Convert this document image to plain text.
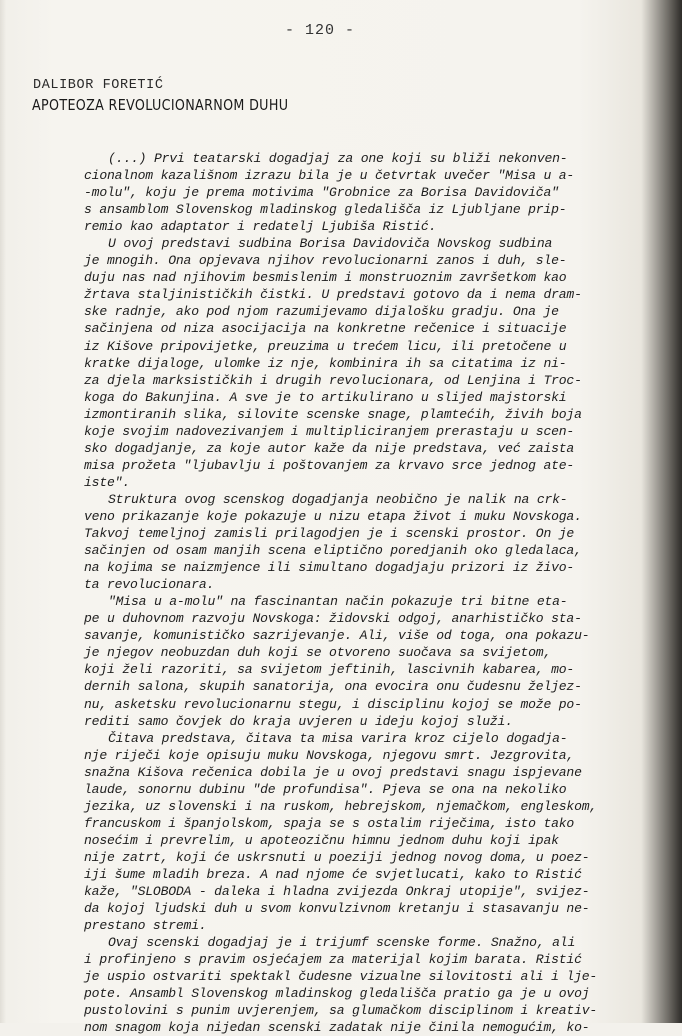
- 120 -
DALIBOR FORETIĆ
APOTEOZA REVOLUCIONARNOM DUHU
(...) Prvi teatarski dogadjaj za one koji su bliži nekonven-
cionalnom kazališnom izrazu bila je u četvrtak uvečer "Misa u a-
-molu", koju je prema motivima "Grobnice za Borisa Davidoviča"
s ansamblom Slovenskog mladinskog gledališča iz Ljubljane prip-
remio kao adaptator i redatelj Ljubiša Ristić.
U ovoj predstavi sudbina Borisa Davidoviča Novskog sudbina
je mnogih. Ona opjevava njihov revolucionarni zanos i duh, sle-
duju nas nad njihovim besmislenim i monstruoznim završetkom kao
žrtava staljinističkih čistki. U predstavi gotovo da i nema dram-
ske radnje, ako pod njom razumijevamo dijalošku gradju. Ona je
sačinjena od niza asocijacija na konkretne rečenice i situacije
iz Kišove pripovijetke, preuzima u trećem licu, ili pretočene u
kratke dijaloge, ulomke iz nje, kombinira ih sa citatima iz ni-
za djela marksističkih i drugih revolucionara, od Lenjina i Troc-
koga do Bakunjina. A sve je to artikulirano u slijed majstorski
izmontiranih slika, silovite scenske snage, plamtećih, živih boja
koje svojim nadovezivanjem i multipliciranjem prerastaju u scen-
sko dogadjanje, za koje autor kaže da nije predstava, već zaista
misa prožeta "ljubavlju i poštovanjem za krvavo srce jednog ate-
iste".
Struktura ovog scenskog dogadjanja neobično je nalik na crk-
veno prikazanje koje pokazuje u nizu etapa život i muku Novskoga.
Takvoj temeljnoj zamisli prilagodjen je i scenski prostor. On je
sačinjen od osam manjih scena eliptično poredjanih oko gledalaca,
na kojima se naizmjence ili simultano dogadjaju prizori iz živo-
ta revolucionara.
"Misa u a-molu" na fascinantan način pokazuje tri bitne eta-
pe u duhovnom razvoju Novskoga: židovski odgoj, anarhističko sta-
savanje, komunističko sazrijevanje. Ali, više od toga, ona pokazu-
je njegov neobuzdan duh koji se otvoreno suočava sa svijetom,
koji želi razoriti, sa svijetom jeftinih, lascivnih kabarea, mo-
dernih salona, skupih sanatorija, ona evocira onu čudesnu željez-
nu, asketsku revolucionarnu stegu, i disciplinu kojoj se može po-
rediti samo čovjek do kraja uvjeren u ideju kojoj služi.
Čitava predstava, čitava ta misa varira kroz cijelo dogadja-
nje riječi koje opisuju muku Novskoga, njegovu smrt. Jezgrovita,
snažna Kišova rečenica dobila je u ovoj predstavi snagu ispjevane
laude, sonornu dubinu "de profundisa". Pjeva se ona na nekoliko
jezika, uz slovenski i na ruskom, hebrejskom, njemačkom, engleskom,
francuskom i španjolskom, spaja se s ostalim riječima, isto tako
nosećim i prevrelim, u apoteozičnu himnu jednom duhu koji ipak
nije zatrt, koji će uskrsnuti u poeziji jednog novog doma, u poez-
iji šume mladih breza. A nad njome će svjetlucati, kako to Ristić
kaže, "SLOBODA - daleka i hladna zvijezda Onkraj utopije", svijez-
da kojoj ljudski duh u svom konvulzivnom kretanju i stasavanju ne-
prestano stremi.
Ovaj scenski dogadjaj je i trijumf scenske forme. Snažno, ali
i profinjeno s pravim osjećajem za materijal kojim barata. Ristić
je uspio ostvariti spektakl čudesne vizualne silovitosti ali i lje-
pote. Ansambl Slovenskog mladinskog gledališča pratio ga je u ovoj
pustolovini s punim uvjerenjem, sa glumačkom disciplinom i kreativ-
nom snagom koja nijedan scenski zadatak nije činila nemogućim, ko-
